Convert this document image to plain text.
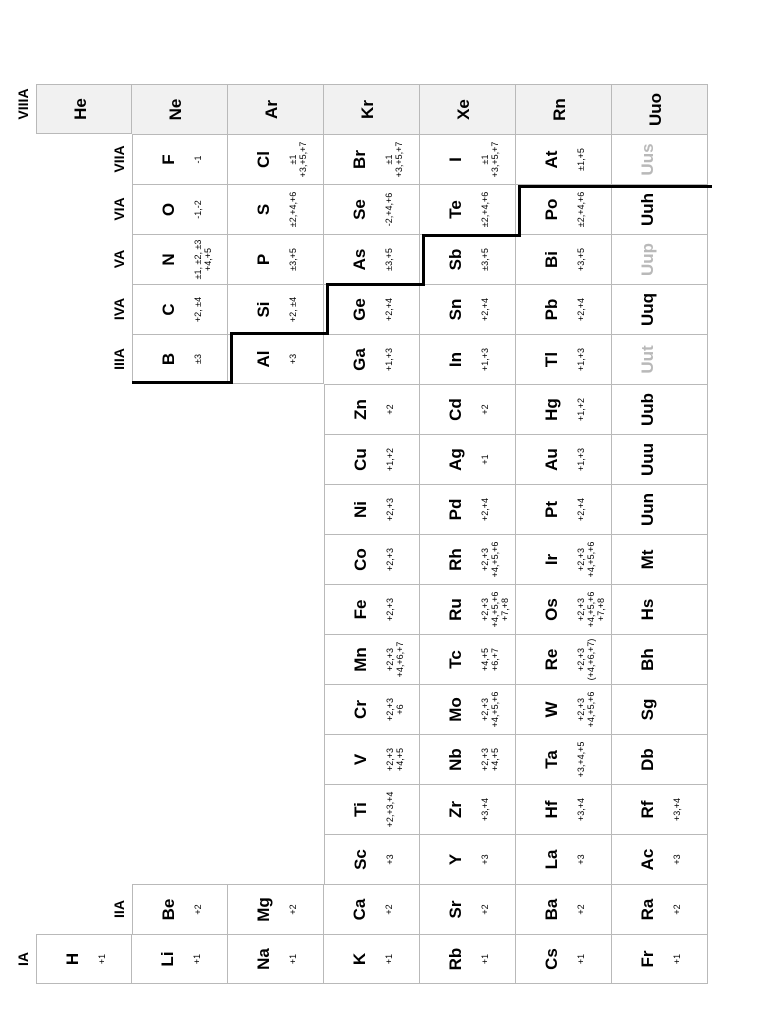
IA
IIA
IIIA
IVA
VA
VIA
VIIA
VIIIA
H +1
He
Li +1
Be +2
B ±3
C +2, ±4
N
±1, ±2, ±3
+4,+5
O -1,-2
F -1
Ne
Na +1
Mg +2
Al +3
Si +2, ±4
P ±3,+5
S ±2,+4,+6
Cl ±1
+3,+5,+7
Ar
K +1
Ca +2
Sc +3
Ti +2,+3,+4
V +2,+3
+4,+5
Cr +2,+3
+6
Mn +2,+3
+4,+6,+7
Fe +2,+3
Co +2,+3
Ni +2,+3
Cu +1,+2
Zn +2
Ga +1,+3
Ge +2,+4
As ±3,+5
Se -2,+4,+6
Br ±1
+3,+5,+7
Kr
Rb +1
Sr +2
Y +3
Zr +3,+4
Nb +2,+3
+4,+5
Mo +2,+3
+4,+5,+6
Tc +4,+5
+6,+7
Ru +2,+3
+4,+5,+6
+7,+8
Rh +2,+3
+4,+5,+6
Pd +2,+4
Ag +1
Cd +2
In +1,+3
Sn +2,+4
Sb ±3,+5
Te ±2,+4,+6
I ±1
+3,+5,+7
Xe
Cs +1
Ba +2
La +3
Hf +3,+4
Ta +3,+4,+5
W +2,+3
+4,+5,+6
Re +2,+3
(+4,+6,+7)
Os +2,+3
+4,+5,+6
+7,+8
Ir +2,+3
+4,+5,+6
Pt +2,+4
Au +1,+3
Hg +1,+2
Tl +1,+3
Pb +2,+4
Bi +3,+5
Po ±2,+4,+6
At ±1,+5
Rn
Fr +1
Ra +2
Ac +3
Rf +3,+4
Db
Sg
Bh
Hs
Mt
Uun
Uuu
Uub
Uut
Uuq
Uup
Uuh
Uus
Uuo
